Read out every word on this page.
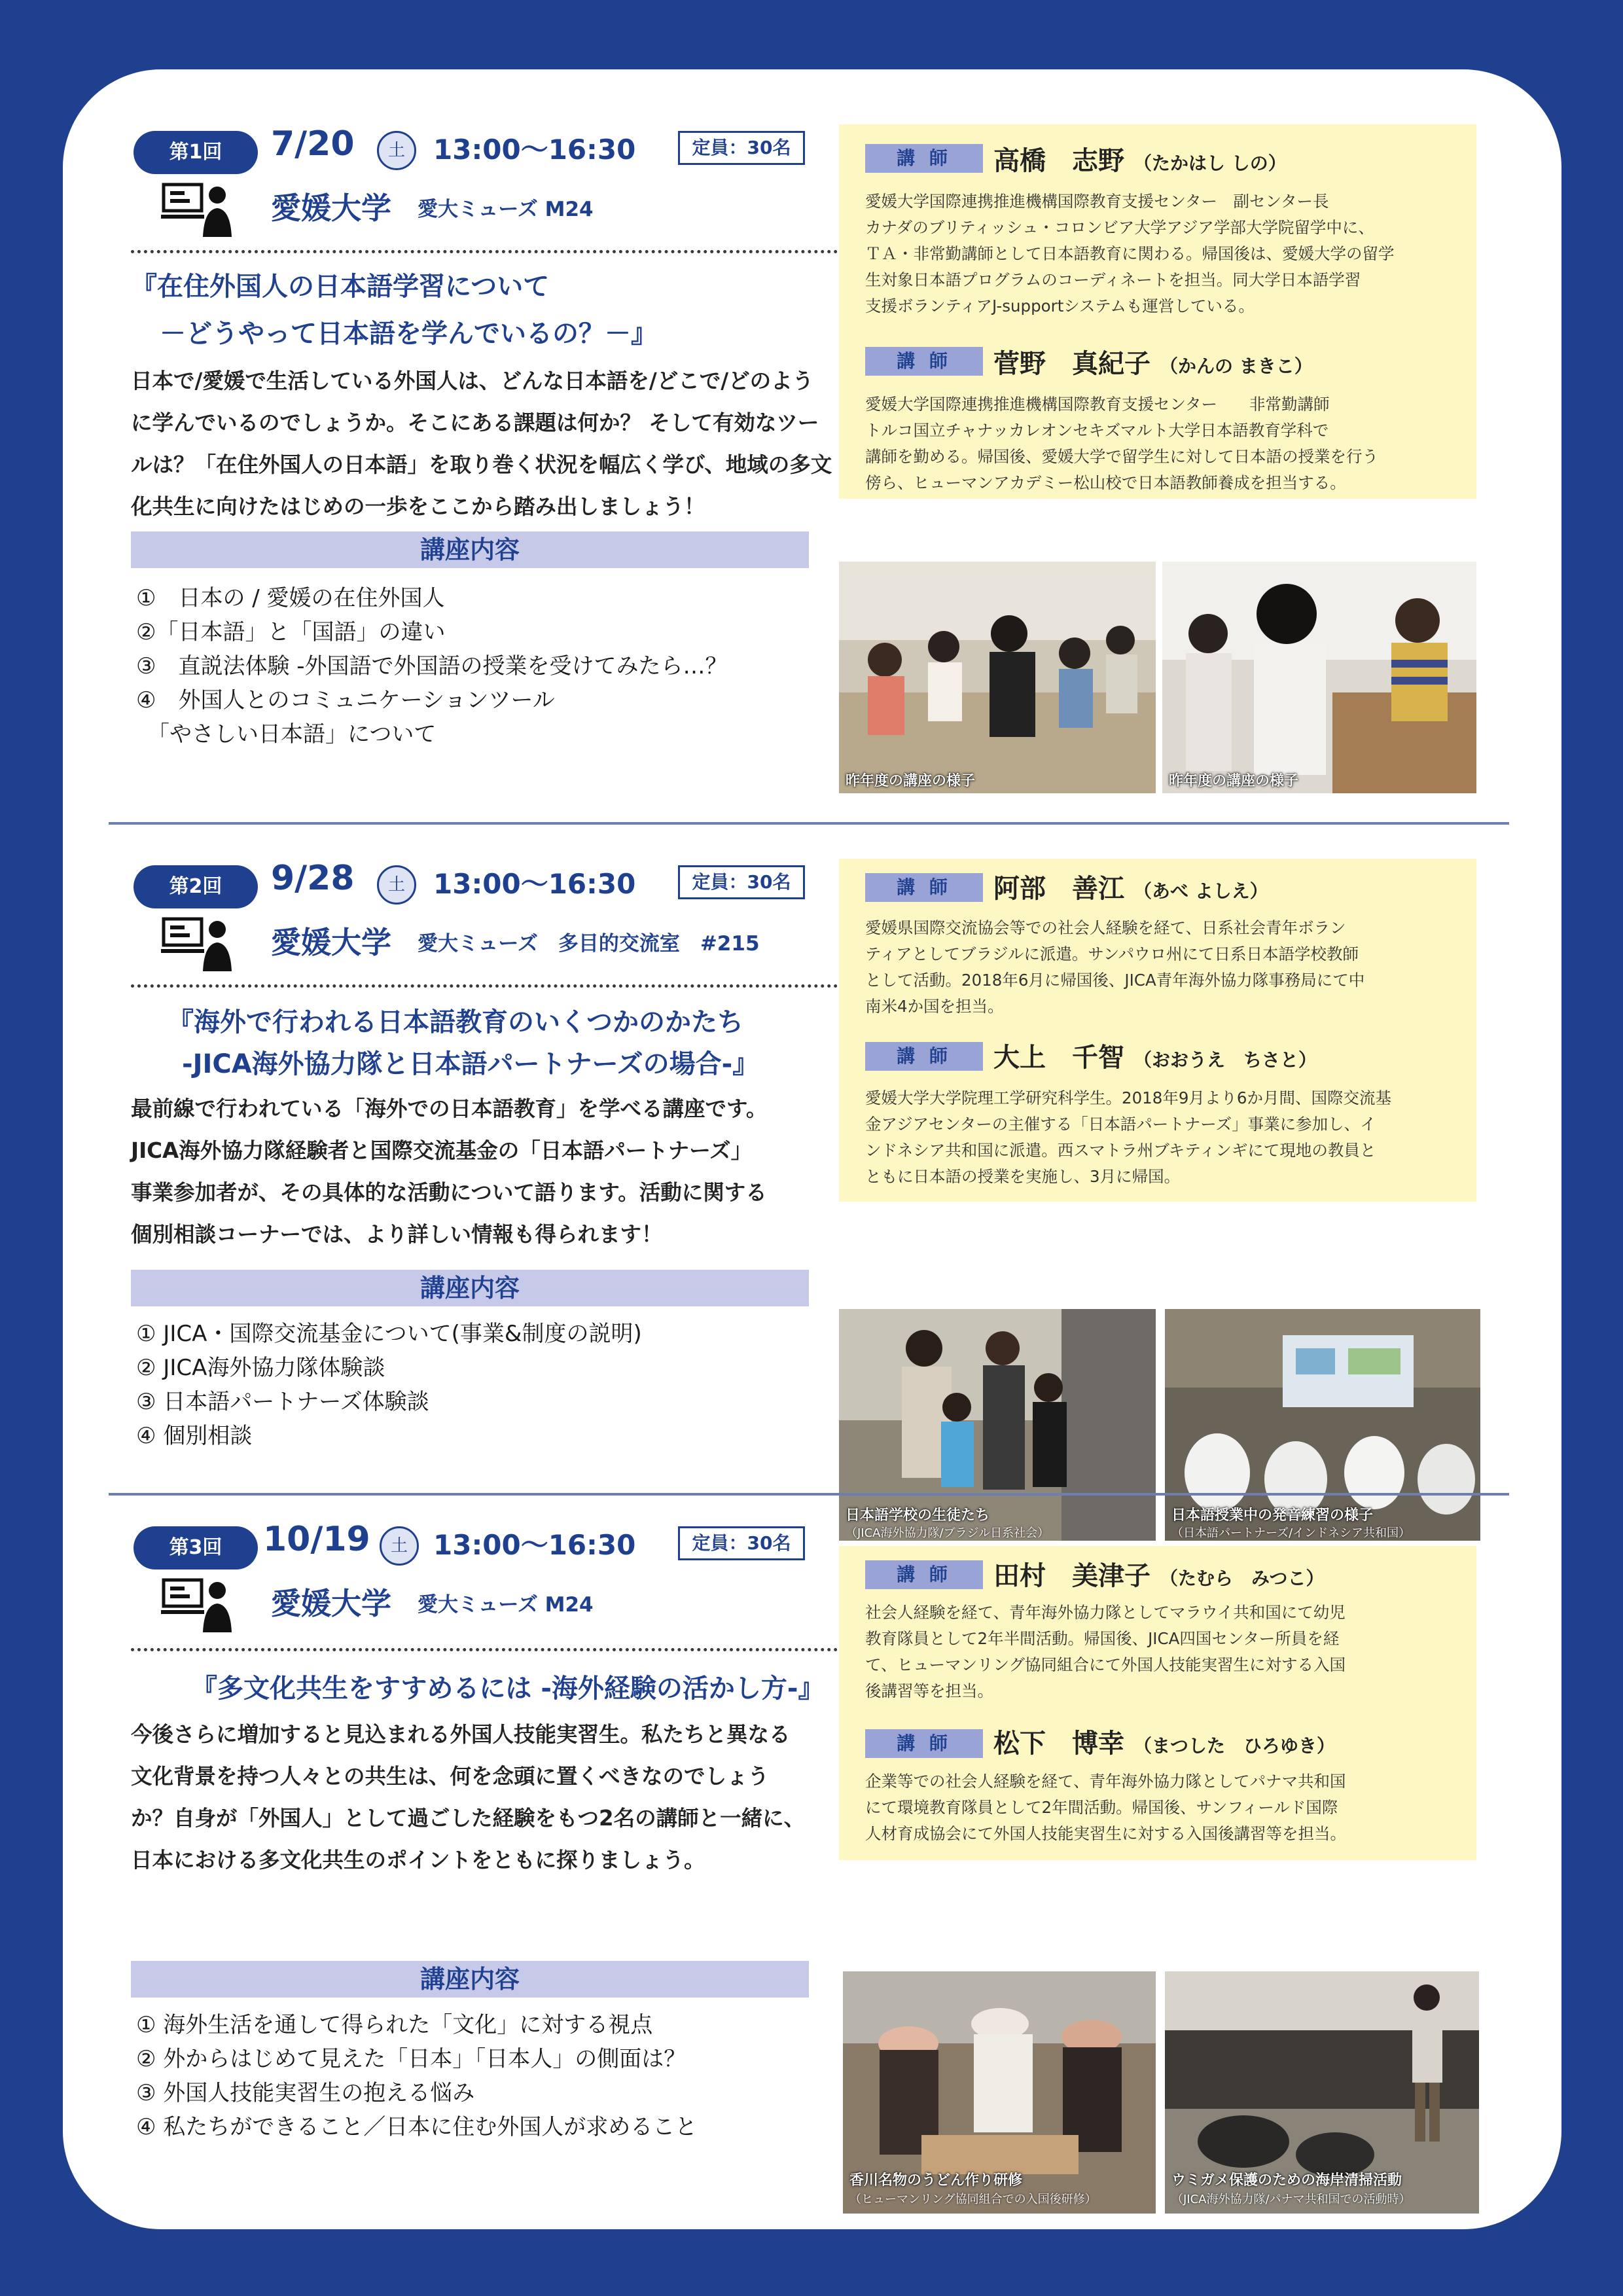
第1回	7/20	土	13:00～16:30	定員：30名
愛媛大学 愛大ミューズ M24
『在住外国人の日本語学習について
－どうやって日本語を学んでいるの？－』
日本で/愛媛で生活している外国人は、どんな日本語を/どこで/どのよう
に学んでいるのでしょうか。そこにある課題は何か？ そして有効なツー
ルは？「在住外国人の日本語」を取り巻く状況を幅広く学び、地域の多文
化共生に向けたはじめの一歩をここから踏み出しましょう！
講座内容
①　日本の / 愛媛の在住外国人
②「日本語」と「国語」の違い
③　直説法体験 -外国語で外国語の授業を受けてみたら…？
④　外国人とのコミュニケーションツール
　「やさしい日本語」について
講 師	高橋　志野 （たかはし しの）
愛媛大学国際連携推進機構国際教育支援センター　副センター長
カナダのブリティッシュ・コロンビア大学アジア学部大学院留学中に、
ＴＡ・非常勤講師として日本語教育に関わる。帰国後は、愛媛大学の留学
生対象日本語プログラムのコーディネートを担当。同大学日本語学習
支援ボランティアJ-supportシステムも運営している。
講 師	菅野　真紀子 （かんの まきこ）
愛媛大学国際連携推進機構国際教育支援センター　　非常勤講師
トルコ国立チャナッカレオンセキズマルト大学日本語教育学科で
講師を勤める。帰国後、愛媛大学で留学生に対して日本語の授業を行う
傍ら、ヒューマンアカデミー松山校で日本語教師養成を担当する。
昨年度の講座の様子	昨年度の講座の様子
第2回	9/28	土	13:00～16:30	定員：30名
愛媛大学 愛大ミューズ　多目的交流室　#215
『海外で行われる日本語教育のいくつかのかたち
-JICA海外協力隊と日本語パートナーズの場合-』
最前線で行われている「海外での日本語教育」を学べる講座です。
JICA海外協力隊経験者と国際交流基金の「日本語パートナーズ」
事業参加者が、その具体的な活動について語ります。活動に関する
個別相談コーナーでは、より詳しい情報も得られます！
講座内容
① JICA・国際交流基金について(事業&制度の説明)
② JICA海外協力隊体験談
③ 日本語パートナーズ体験談
④ 個別相談
講 師	阿部　善江 （あべ よしえ）
愛媛県国際交流協会等での社会人経験を経て、日系社会青年ボラン
ティアとしてブラジルに派遣。サンパウロ州にて日系日本語学校教師
として活動。2018年6月に帰国後、JICA青年海外協力隊事務局にて中
南米4か国を担当。
講 師	大上　千智 （おおうえ　ちさと）
愛媛大学大学院理工学研究科学生。2018年9月より6か月間、国際交流基
金アジアセンターの主催する「日本語パートナーズ」事業に参加し、イ
ンドネシア共和国に派遣。西スマトラ州ブキティンギにて現地の教員と
ともに日本語の授業を実施し、3月に帰国。
日本語学校の生徒たち
（JICA海外協力隊/ブラジル日系社会）
日本語授業中の発音練習の様子
（日本語パートナーズ/インドネシア共和国）
第3回	10/19	土 13:00～16:30	定員：30名
愛媛大学 愛大ミューズ M24
『多文化共生をすすめるには -海外経験の活かし方-』
今後さらに増加すると見込まれる外国人技能実習生。私たちと異なる
文化背景を持つ人々との共生は、何を念頭に置くべきなのでしょう
か？自身が「外国人」として過ごした経験をもつ2名の講師と一緒に、
日本における多文化共生のポイントをともに探りましょう。
講座内容
① 海外生活を通して得られた「文化」に対する視点
② 外からはじめて見えた「日本」「日本人」の側面は？
③ 外国人技能実習生の抱える悩み
④ 私たちができること／日本に住む外国人が求めること
講 師	田村　美津子 （たむら　みつこ）
社会人経験を経て、青年海外協力隊としてマラウイ共和国にて幼児
教育隊員として2年半間活動。帰国後、JICA四国センター所員を経
て、ヒューマンリング協同組合にて外国人技能実習生に対する入国
後講習等を担当。
講 師	松下　博幸 （まつした　ひろゆき）
企業等での社会人経験を経て、青年海外協力隊としてパナマ共和国
にて環境教育隊員として2年間活動。帰国後、サンフィールド国際
人材育成協会にて外国人技能実習生に対する入国後講習等を担当。
香川名物のうどん作り研修
（ヒューマンリング協同組合での入国後研修）
ウミガメ保護のための海岸清掃活動
（JICA海外協力隊/パナマ共和国での活動時）
